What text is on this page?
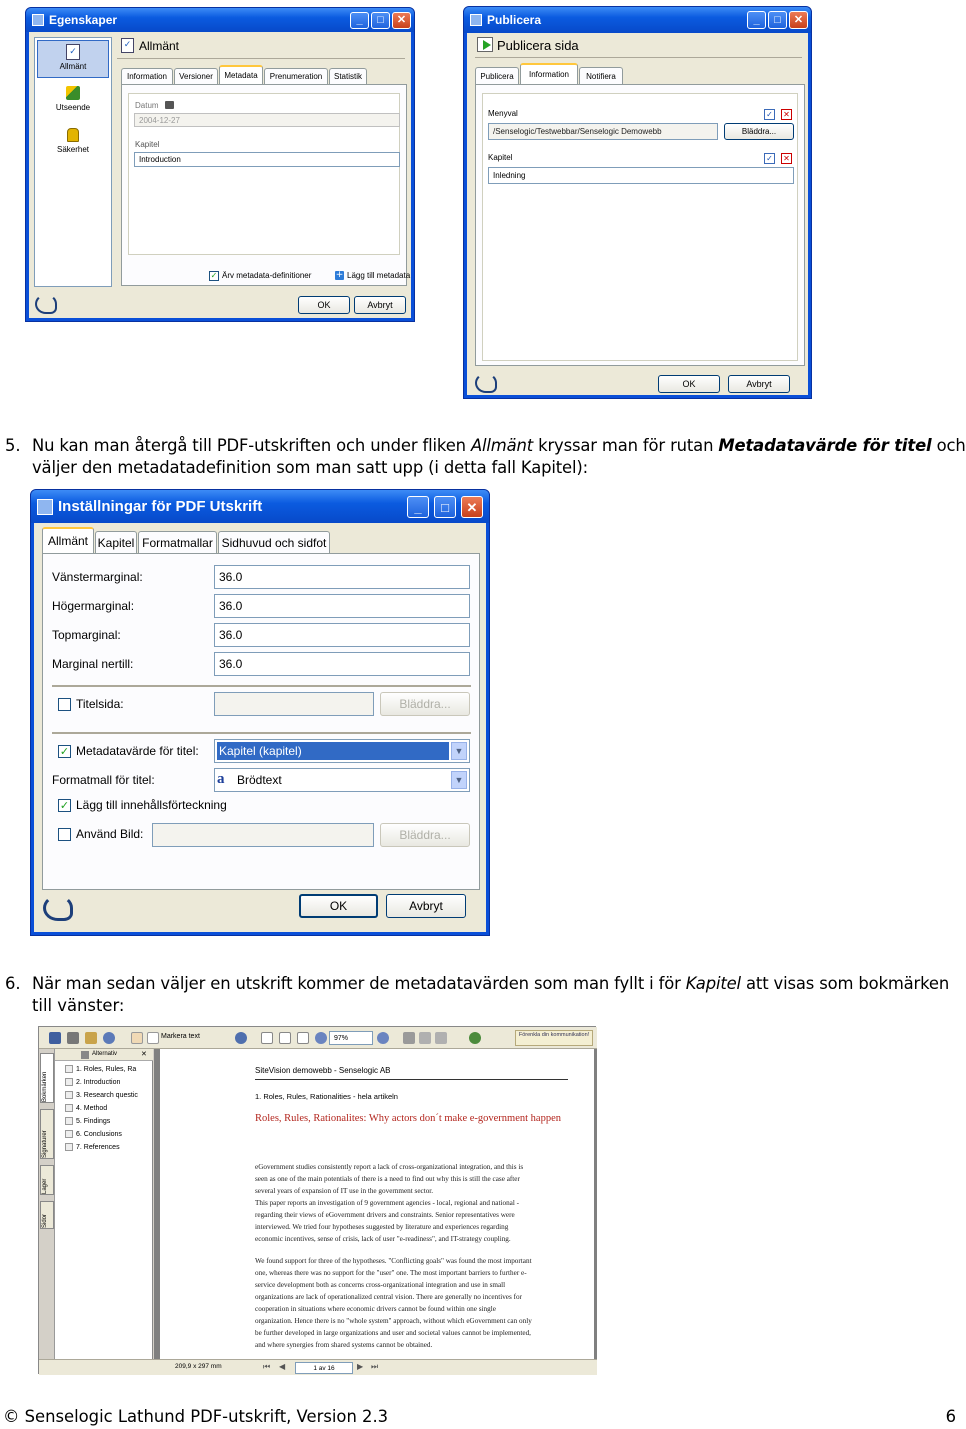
Egenskaper	_	□	✕
✓
Allmänt
Utseende
Säkerhet
✓ Allmänt
Information Versioner Metadata Prenumeration Statistik
Datum
2004-12-27
Kapitel
Introduction
✓ Ärv metadata-definitioner	+ Lägg till metadata
OK	Avbryt
Publicera	_	□	✕
Publicera sida
Publicera Information Notifiera
Menyval	✓ ✕
/Senselogic/Testwebbar/Senselogic Demowebb	Bläddra...
Kapitel	✓ ✕
Inledning
OK	Avbryt
5. Nu kan man återgå till PDF-utskriften och under fliken Allmänt kryssar man för rutan Metadatavärde för titel och
väljer den metadatadefinition som man satt upp (i detta fall Kapitel):
Inställningar för PDF Utskrift	_	□	✕
Allmänt Kapitel Formatmallar Sidhuvud och sidfot
Vänstermarginal:	36.0
Högermarginal:	36.0
Topmarginal:	36.0
Marginal nertill:	36.0
Titelsida:	Bläddra...
✓ Metadatavärde för titel: Kapitel (kapitel)	▼
Formatmall för titel:	a	Brödtext	▼
✓ Lägg till innehållsförteckning
Använd Bild:	Bläddra...
OK	Avbryt
6. När man sedan väljer en utskrift kommer de metadatavärden som man fyllt i för Kapitel att visas som bokmärken
till vänster:
Markera text	97%	Förenkla din kommunikation!
Bokmärken
Signaturer
Lager
Sidor
Alternativ	✕
1. Roles, Rules, Ra
2. Introduction
3. Research questic
4. Method
5. Findings
6. Conclusions
7. References
SiteVision demowebb - Senselogic AB
1. Roles, Rules, Rationalities - hela artikeln
Roles, Rules, Rationalites: Why actors don´t make e-government happen

eGovernment studies consistently report a lack of cross-organizational integration, and this is

seen as one of the main potentials of there is a need to find out why this is still the case after

several years of expansion of IT use in the government sector.

This paper reports an investigation of 9 government agencies - local, regional and national -

regarding their views of eGovernment drivers and constraints. Senior representatives were

interviewed. We tried four hypotheses suggested by literature and experiences regarding

economic incentives, sense of crisis, lack of user "e-readiness", and IT-strategy coupling.

We found support for three of the hypotheses. "Conflicting goals" was found the most important

one, whereas there was no support for the "user" one. The most important barriers to further e-

service development both as concerns cross-organizational integration and use in small

organizations are lack of operationalized central vision. There are generally no incentives for

cooperation in situations where economic drivers cannot be found within one single

organization. Hence there is no "whole system" approach, without which eGovernment can only

be further developed in large organizations and user and societal values cannot be implemented,

and where synergies from shared systems cannot be obtained.

209,9 x 297 mm	⏮ ◀	1 av 16	▶ ⏭
© Senselogic Lathund PDF-utskrift, Version 2.3	6
